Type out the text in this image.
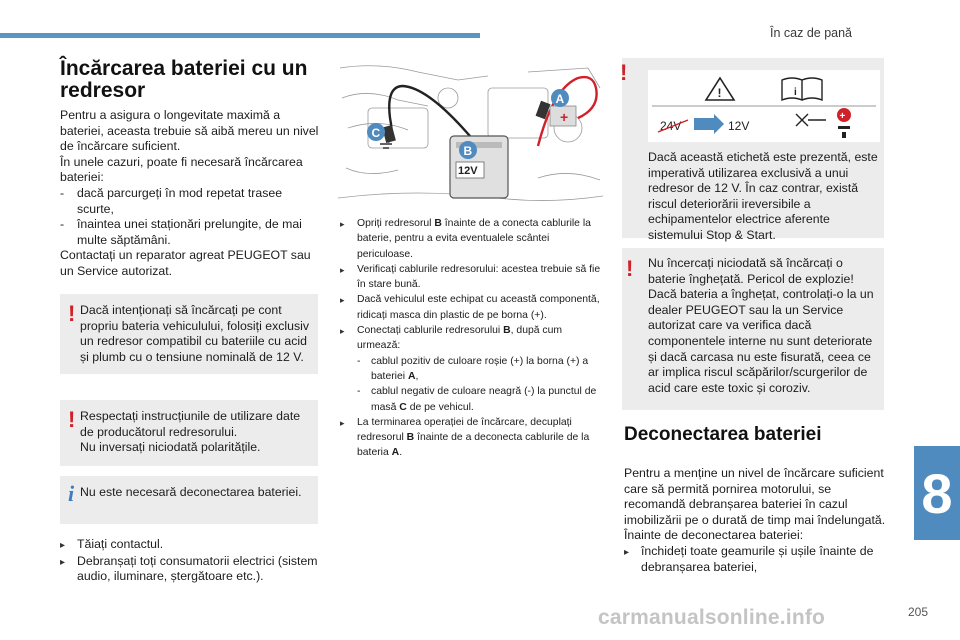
În caz de pană
8
205
carmanualsonline.info
Încărcarea bateriei cu un redresor

Pentru a asigura o longevitate maximă a bateriei, aceasta trebuie să aibă mereu un nivel de încărcare suficient.

În unele cazuri, poate fi necesară încărcarea bateriei:

-	dacă parcurgeți în mod repetat trasee scurte,
-	înaintea unei staționări prelungite, de mai multe săptămâni.

Contactați un reparator agreat PEUGEOT sau un Service autorizat.

! Dacă intenționați să încărcați pe cont propriu bateria vehiculului, folosiți exclusiv un redresor compatibil cu bateriile cu acid și plumb cu o tensiune nominală de 12 V.
! Respectați instrucțiunile de utilizare date de producătorul redresorului.

Nu inversați niciodată polaritățile.

i Nu este necesară deconectarea bateriei.
▸ Tăiați contactul.
▸ Debranșați toți consumatorii electrici (sistem audio, iluminare, ștergătoare etc.).
+
12V
A
B
C
▸	Opriți redresorul B înainte de a conecta cablurile la baterie, pentru a evita eventualele scântei periculoase.
▸	Verificați cablurile redresorului: acestea trebuie să fie în stare bună.
▸	Dacă vehiculul este echipat cu această componentă, ridicați masca din plastic de pe borna (+).
▸	Conectați cablurile redresorului B, după cum urmează:
-	cablul pozitiv de culoare roșie (+) la borna (+) a bateriei A,
-	cablul negativ de culoare neagră (-) la punctul de masă C de pe vehicul.
▸	La terminarea operației de încărcare, decuplați redresorul B înainte de a deconecta cablurile de la bateria A.
!
Dacă această etichetă este prezentă, este imperativă utilizarea exclusivă a unui redresor de 12 V. În caz contrar, există riscul deteriorării ireversibile a echipamentelor electrice aferente sistemului Stop & Start.
!	i
24V	12V
+
! Nu încercați niciodată să încărcați o baterie înghețată. Pericol de explozie! Dacă bateria a înghețat, controlați-o la un dealer PEUGEOT sau la un Service autorizat care va verifica dacă componentele interne nu sunt deteriorate și dacă carcasa nu este fisurată, ceea ce ar implica riscul scăpărilor/scurgerilor de acid care este toxic și coroziv.
Deconectarea bateriei

Pentru a menține un nivel de încărcare suficient care să permită pornirea motorului, se recomandă debranșarea bateriei în cazul imobilizării pe o durată de timp mai îndelungată.

Înainte de deconectarea bateriei:

▸ închideți toate geamurile și ușile înainte de debranșarea bateriei,
